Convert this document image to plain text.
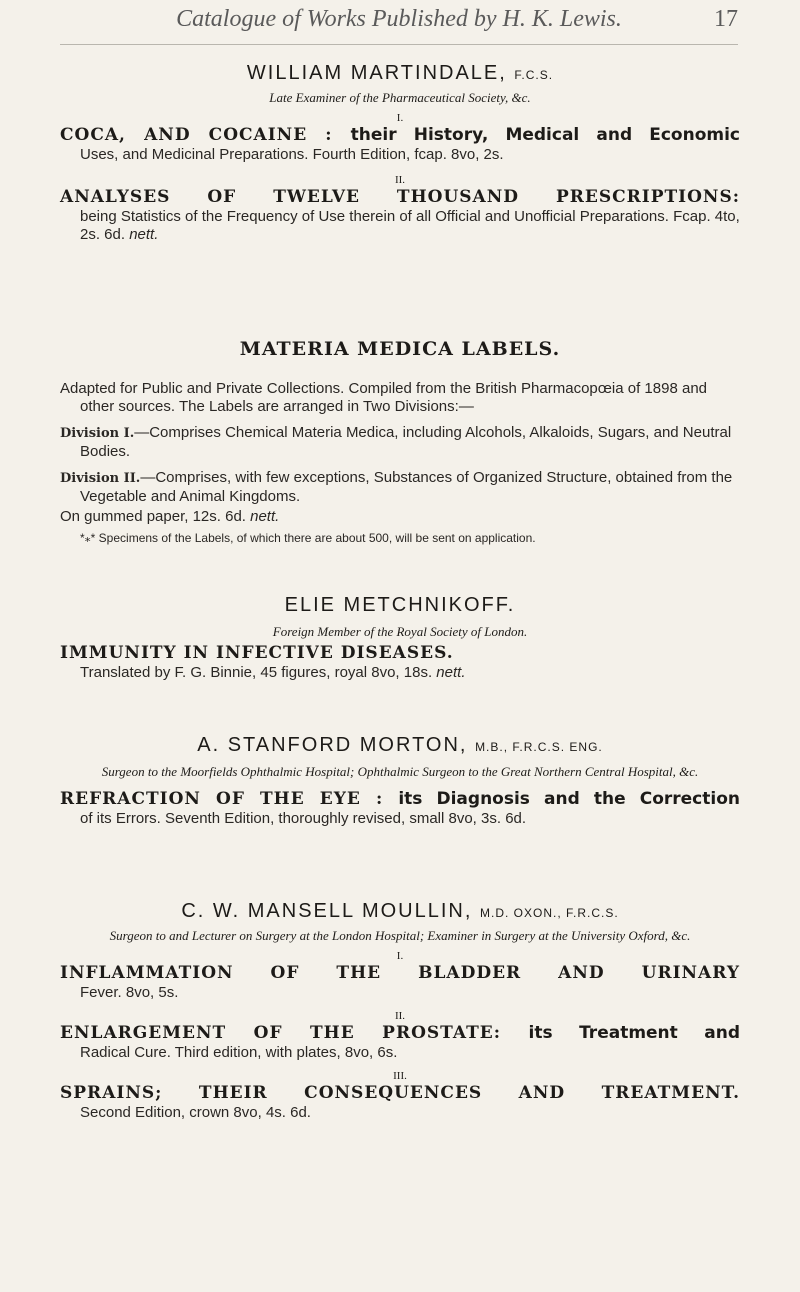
Catalogue of Works Published by H. K. Lewis.	17
WILLIAM MARTINDALE, F.C.S.
Late Examiner of the Pharmaceutical Society, &c.
I.
COCA, AND COCAINE : their History, Medical and Economic
Uses, and Medicinal Preparations. Fourth Edition, fcap. 8vo, 2s.
II.
ANALYSES OF TWELVE THOUSAND PRESCRIPTIONS:
being Statistics of the Frequency of Use therein of all Official and Unofficial Preparations. Fcap. 4to, 2s. 6d. nett.
MATERIA MEDICA LABELS.
Adapted for Public and Private Collections. Compiled from the British Pharmacopœia of 1898 and other sources. The Labels are arranged in Two Divisions:—
Division I.—Comprises Chemical Materia Medica, including Alcohols, Alkaloids, Sugars, and Neutral Bodies.
Division II.—Comprises, with few exceptions, Substances of Organized Structure, obtained from the Vegetable and Animal Kingdoms.
On gummed paper, 12s. 6d. nett.
*⁎* Specimens of the Labels, of which there are about 500, will be sent on application.
ELIE METCHNIKOFF.
Foreign Member of the Royal Society of London.
IMMUNITY IN INFECTIVE DISEASES.
Translated by F. G. Binnie, 45 figures, royal 8vo, 18s. nett.
A. STANFORD MORTON, M.B., F.R.C.S. ENG.
Surgeon to the Moorfields Ophthalmic Hospital; Ophthalmic Surgeon to the Great Northern Central Hospital, &c.
REFRACTION OF THE EYE : its Diagnosis and the Correction
of its Errors. Seventh Edition, thoroughly revised, small 8vo, 3s. 6d.
C. W. MANSELL MOULLIN, M.D. OXON., F.R.C.S.
Surgeon to and Lecturer on Surgery at the London Hospital; Examiner in Surgery at the University Oxford, &c.
I.
INFLAMMATION OF THE BLADDER AND URINARY
Fever. 8vo, 5s.
II.
ENLARGEMENT OF THE PROSTATE: its Treatment and
Radical Cure. Third edition, with plates, 8vo, 6s.
III.
SPRAINS; THEIR CONSEQUENCES AND TREATMENT.
Second Edition, crown 8vo, 4s. 6d.
